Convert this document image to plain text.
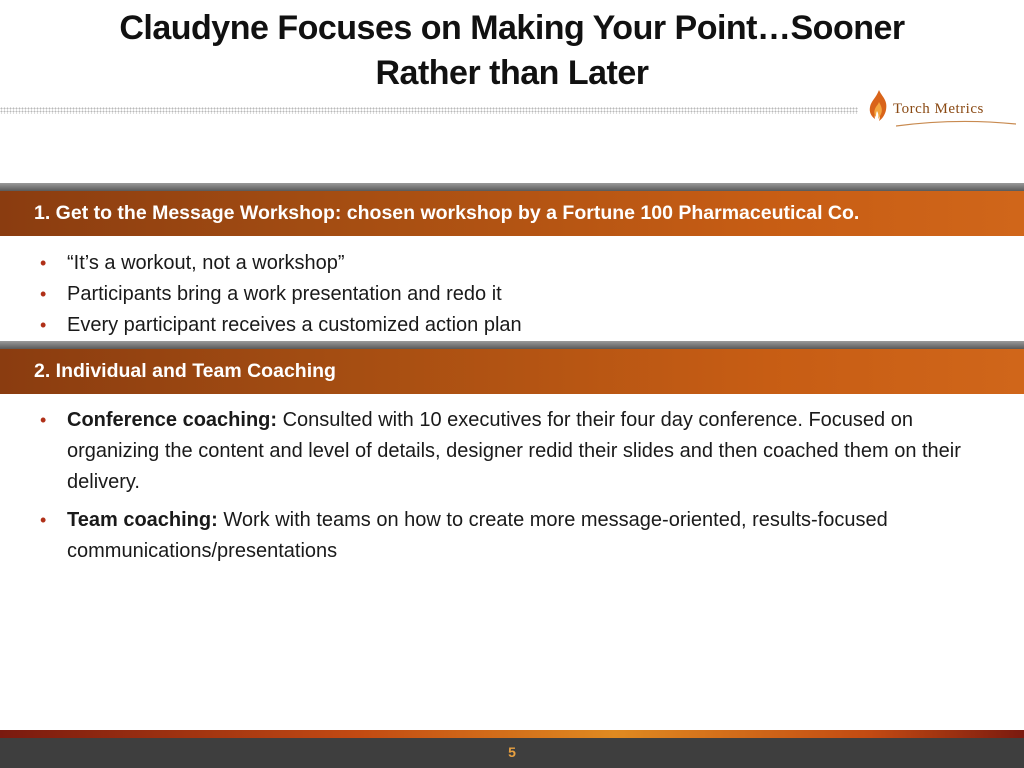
Claudyne Focuses on Making Your Point…Sooner
Rather than Later
Torch Metrics
1. Get to the Message Workshop: chosen workshop by a Fortune 100 Pharmaceutical Co.
• “It’s a workout, not a workshop”
• Participants bring a work presentation and redo it
• Every participant receives a customized action plan
2. Individual and Team Coaching
• Conference coaching: Consulted with 10 executives for their four day conference. Focused on organizing the content and level of details, designer redid their slides and then coached them on their delivery.
• Team coaching: Work with teams on how to create more message-oriented, results-focused communications/presentations
5
